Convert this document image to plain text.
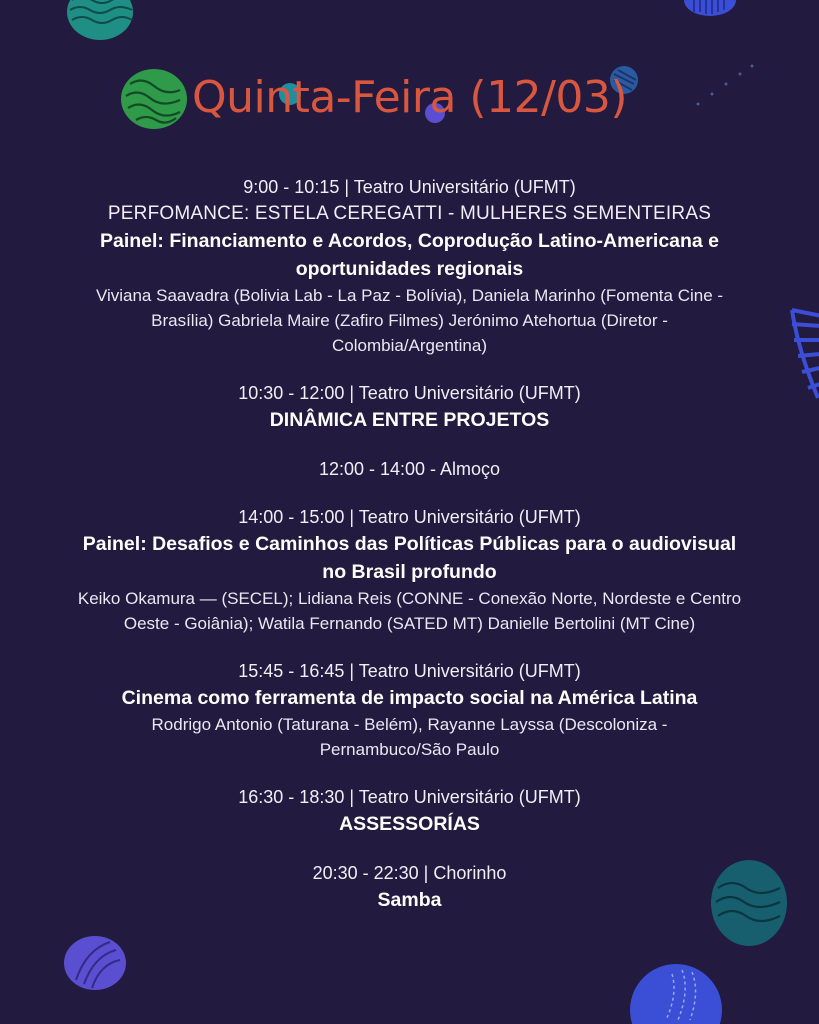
Quinta-Feira (12/03)
9:00 - 10:15 | Teatro Universitário (UFMT)
PERFOMANCE: ESTELA CEREGATTI - MULHERES SEMENTEIRAS
Painel: Financiamento e Acordos, Coprodução Latino-Americana e oportunidades regionais
Viviana Saavadra (Bolivia Lab - La Paz - Bolívia), Daniela Marinho (Fomenta Cine - Brasília) Gabriela Maire (Zafiro Filmes) Jerónimo Atehortua (Diretor - Colombia/Argentina)
10:30 - 12:00 | Teatro Universitário (UFMT)
DINÂMICA ENTRE PROJETOS
12:00 - 14:00 - Almoço
14:00 - 15:00 | Teatro Universitário (UFMT)
Painel: Desafios e Caminhos das Políticas Públicas para o audiovisual no Brasil profundo
Keiko Okamura — (SECEL); Lidiana Reis (CONNE - Conexão Norte, Nordeste e Centro Oeste - Goiânia); Watila Fernando (SATED MT) Danielle Bertolini (MT Cine)
15:45 - 16:45 | Teatro Universitário (UFMT)
Cinema como ferramenta de impacto social na América Latina
Rodrigo Antonio (Taturana - Belém), Rayanne Layssa (Descoloniza - Pernambuco/São Paulo
16:30 - 18:30 | Teatro Universitário (UFMT)
ASSESSORÍAS
20:30 - 22:30 | Chorinho
Samba
